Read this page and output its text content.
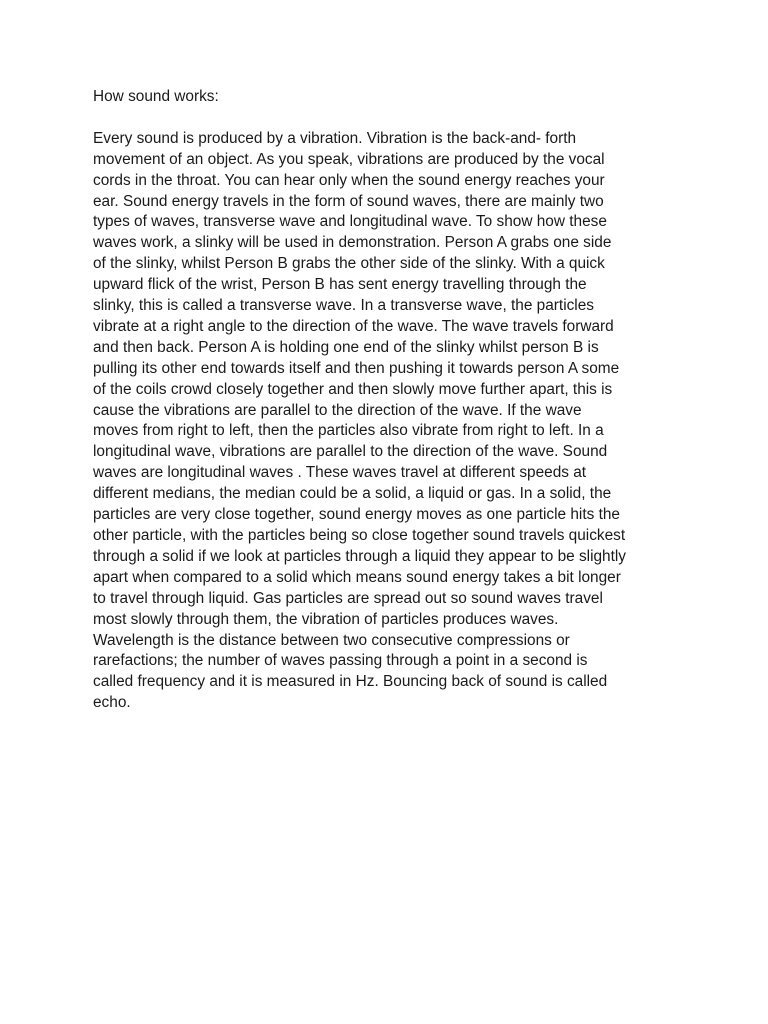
How sound works:

Every sound is produced by a vibration. Vibration is the back-and- forth
movement of an object. As you speak, vibrations are produced by the vocal
cords in the throat. You can hear only when the sound energy reaches your
ear. Sound energy travels in the form of sound waves, there are mainly two
types of waves, transverse wave and longitudinal wave. To show how these
waves work, a slinky will be used in demonstration. Person A grabs one side
of the slinky, whilst Person B grabs the other side of the slinky. With a quick
upward flick of the wrist, Person B has sent energy travelling through the
slinky, this is called a transverse wave. In a transverse wave, the particles
vibrate at a right angle to the direction of the wave. The wave travels forward
and then back. Person A is holding one end of the slinky whilst person B is
pulling its other end towards itself and then pushing it towards person A some
of the coils crowd closely together and then slowly move further apart, this is
cause the vibrations are parallel to the direction of the wave. If the wave
moves from right to left, then the particles also vibrate from right to left. In a
longitudinal wave, vibrations are parallel to the direction of the wave. Sound
waves are longitudinal waves . These waves travel at different speeds at
different medians, the median could be a solid, a liquid or gas. In a solid, the
particles are very close together, sound energy moves as one particle hits the
other particle, with the particles being so close together sound travels quickest
through a solid if we look at particles through a liquid they appear to be slightly
apart when compared to a solid which means sound energy takes a bit longer
to travel through liquid. Gas particles are spread out so sound waves travel
most slowly through them, the vibration of particles produces waves.
Wavelength is the distance between two consecutive compressions or
rarefactions; the number of waves passing through a point in a second is
called frequency and it is measured in Hz. Bouncing back of sound is called
echo.
